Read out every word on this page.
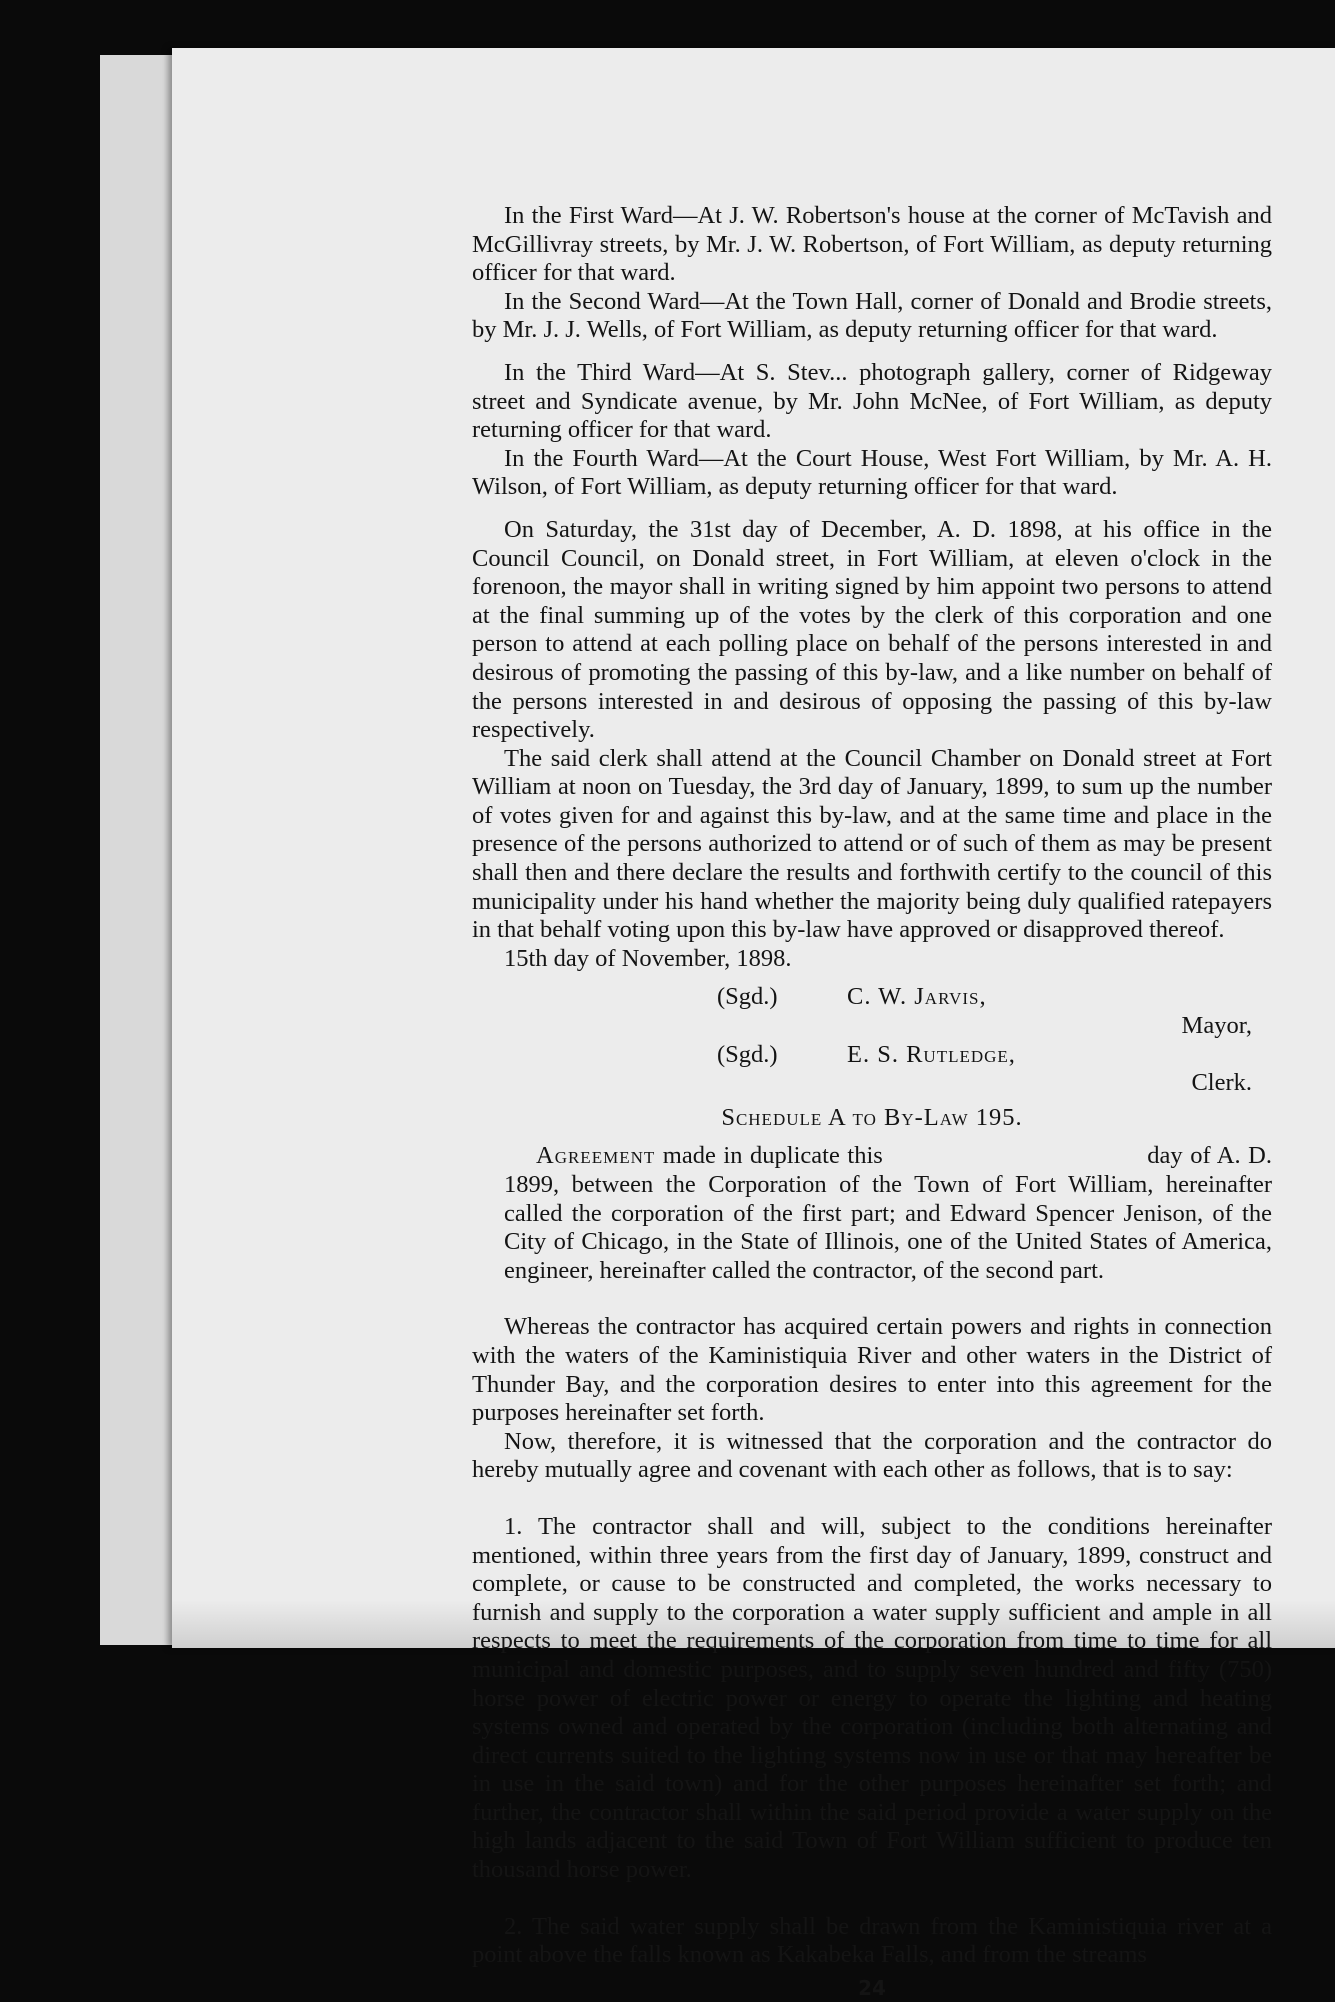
In the First Ward—At J. W. Robertson's house at the corner of McTavish and McGillivray streets, by Mr. J. W. Robertson, of Fort William, as deputy returning officer for that ward.

In the Second Ward—At the Town Hall, corner of Donald and Brodie streets, by Mr. J. J. Wells, of Fort William, as deputy returning officer for that ward.

In the Third Ward—At S. Stev... photograph gallery, corner of Ridgeway street and Syndicate avenue, by Mr. John McNee, of Fort William, as deputy returning officer for that ward.

In the Fourth Ward—At the Court House, West Fort William, by Mr. A. H. Wilson, of Fort William, as deputy returning officer for that ward.

On Saturday, the 31st day of December, A. D. 1898, at his office in the Council Council, on Donald street, in Fort William, at eleven o'clock in the forenoon, the mayor shall in writing signed by him appoint two persons to attend at the final summing up of the votes by the clerk of this corporation and one person to attend at each polling place on behalf of the persons interested in and desirous of promoting the passing of this by-law, and a like number on behalf of the persons interested in and desirous of opposing the passing of this by-law respectively.

The said clerk shall attend at the Council Chamber on Donald street at Fort William at noon on Tuesday, the 3rd day of January, 1899, to sum up the number of votes given for and against this by-law, and at the same time and place in the presence of the persons authorized to attend or of such of them as may be present shall then and there declare the results and forthwith certify to the council of this municipality under his hand whether the majority being duly qualified ratepayers in that behalf voting upon this by-law have approved or disapproved thereof.

15th day of November, 1898.

(Sgd.)	C. W. Jarvis,
Mayor,
(Sgd.)	E. S. Rutledge,
Clerk.
Schedule A to By-Law 195.

Agreement made in duplicate this                                   day of A. D. 1899, between the Corporation of the Town of Fort William, hereinafter called the corporation of the first part; and Edward Spencer Jenison, of the City of Chicago, in the State of Illinois, one of the United States of America, engineer, hereinafter called the contractor, of the second part.

Whereas the contractor has acquired certain powers and rights in connection with the waters of the Kaministiquia River and other waters in the District of Thunder Bay, and the corporation desires to enter into this agreement for the purposes hereinafter set forth.

Now, therefore, it is witnessed that the corporation and the contractor do hereby mutually agree and covenant with each other as follows, that is to say:

1. The contractor shall and will, subject to the conditions hereinafter mentioned, within three years from the first day of January, 1899, construct and complete, or cause to be constructed and completed, the works necessary to furnish and supply to the corporation a water supply sufficient and ample in all respects to meet the requirements of the corporation from time to time for all municipal and domestic purposes, and to supply seven hundred and fifty (750) horse power of electric power or energy to operate the lighting and heating systems owned and operated by the corporation (including both alternating and direct currents suited to the lighting systems now in use or that may hereafter be in use in the said town) and for the other purposes hereinafter set forth; and further, the contractor shall within the said period provide a water supply on the high lands adjacent to the said Town of Fort William sufficient to produce ten thousand horse power.

2. The said water supply shall be drawn from the Kaministiquia river at a point above the falls known as Kakabeka Falls, and from the streams

24
